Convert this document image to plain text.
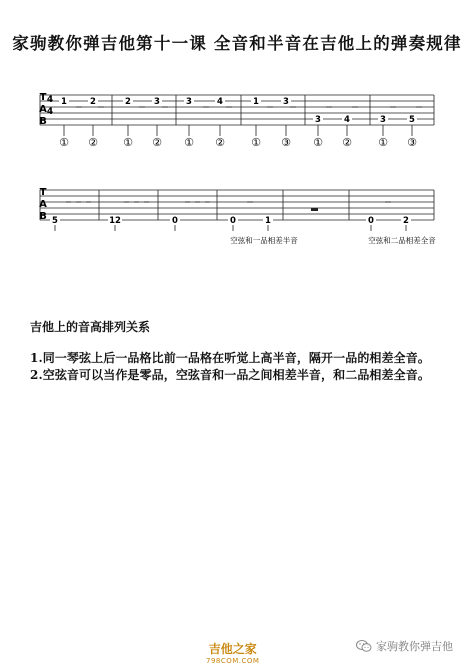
家驹教你弹吉他第十一课 全音和半音在吉他上的弹奏规律
T
A
B
4
4
1	2	2	3	3	4	1	3
3	4	3	5
① ② ① ② ① ② ① ③ ① ② ① ③
T
A
B 5	12	0	0	1	0	2
空弦和一品相差半音	空弦和二品相差全音
吉他上的音高排列关系
1.同一琴弦上后一品格比前一品格在听觉上高半音，隔开一品的相差全音。
2.空弦音可以当作是零品，空弦音和一品之间相差半音，和二品相差全音。
吉他之家
798COM.COM
家驹教你弹吉他
